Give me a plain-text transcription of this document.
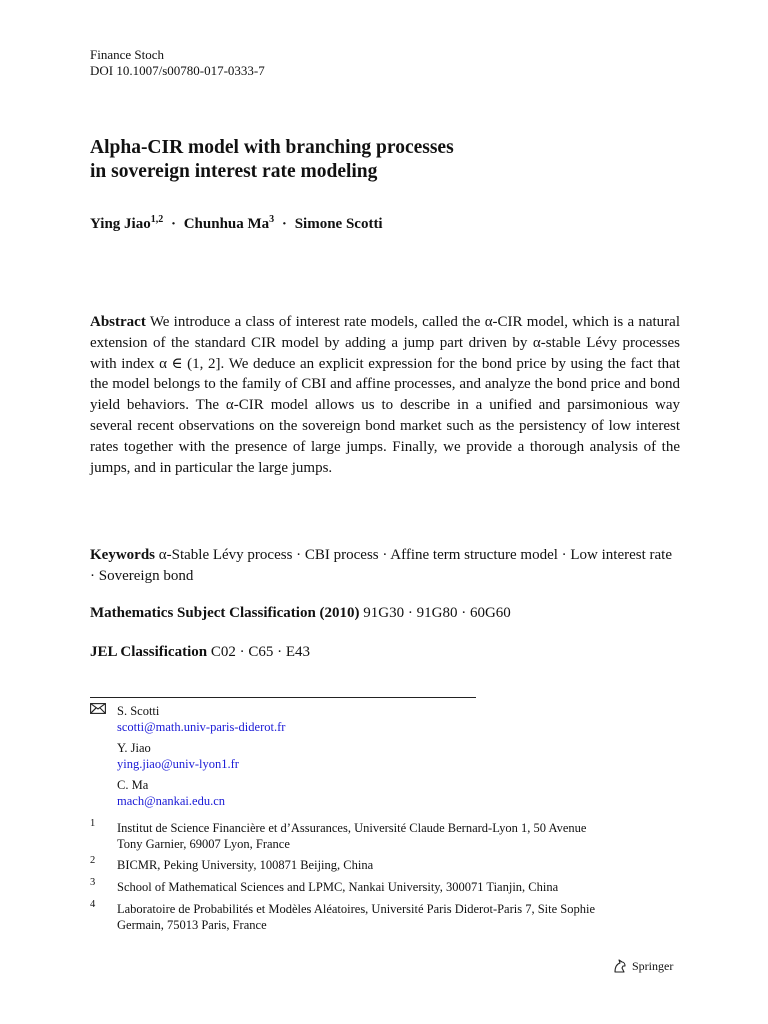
Finance Stoch
DOI 10.1007/s00780-017-0333-7
Alpha-CIR model with branching processes
in sovereign interest rate modeling
Ying Jiao$^{1,2}$ · Chunhua $Ma^3$ · Simone Scotti
Abstract We introduce a class of interest rate models, called the α-CIR model, which is a natural extension of the standard CIR model by adding a jump part driven by α-stable Lévy processes with index α ∈ (1, 2]. We deduce an explicit expression for the bond price by using the fact that the model belongs to the family of CBI and affine processes, and analyze the bond price and bond yield behaviors. The α-CIR model allows us to describe in a unified and parsimonious way several recent observations on the sovereign bond market such as the persistency of low interest rates together with the presence of large jumps. Finally, we provide a thorough analysis of the jumps, and in particular the large jumps.
Keywords α-Stable Lévy process · CBI process · Affine term structure model · Low interest rate · Sovereign bond
Mathematics Subject Classification (2010) 91G30 · 91G80 · 60G60
JEL Classification C02 · C65 · E43
S. Scotti
scotti@math.univ-paris-diderot.fr
Y. Jiao
ying.jiao@univ-lyon1.fr
C. Ma
mach@nankai.edu.cn
1 Institut de Science Financière et d’Assurances, Université Claude Bernard-Lyon 1, 50 Avenue
Tony Garnier, 69007 Lyon, France
2 BICMR, Peking University, 100871 Beijing, China
3 School of Mathematical Sciences and LPMC, Nankai University, 300071 Tianjin, China
4 Laboratoire de Probabilités et Modèles Aléatoires, Université Paris Diderot-Paris 7, Site Sophie
Germain, 75013 Paris, France
Springer
